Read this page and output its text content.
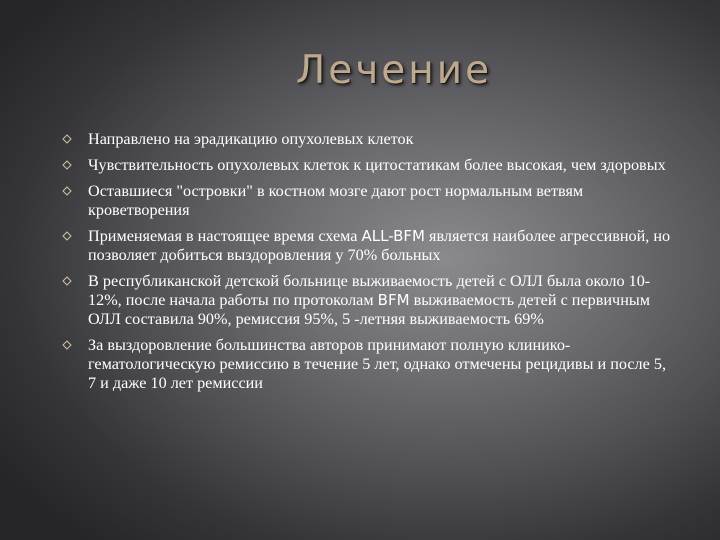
Лечение
Направлено на эрадикацию опухолевых клеток
Чувствительность опухолевых клеток к цитостатикам более высокая, чем здоровых
Оставшиеся "островки" в костном мозге дают рост нормальным ветвям кроветворения
Применяемая в настоящее время схема ALL-BFM является наиболее агрессивной, но позволяет добиться выздоровления у 70% больных
В республиканской детской больнице выживаемость детей с ОЛЛ была около 10-12%, после начала работы по протоколам BFM выживаемость детей с первичным ОЛЛ составила 90%, ремиссия 95%, 5 -летняя выживаемость 69%
За выздоровление большинства авторов принимают полную клинико-гематологическую ремиссию в течение 5 лет, однако отмечены рецидивы и после 5, 7 и даже 10 лет ремиссии
